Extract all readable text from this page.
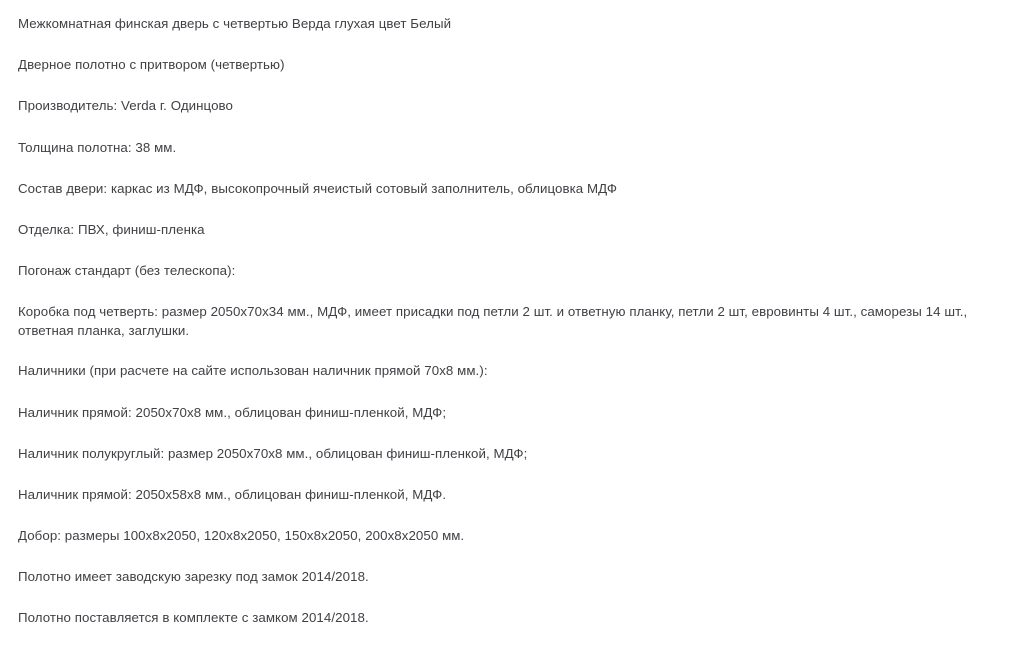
Межкомнатная финская дверь с четвертью Верда глухая цвет Белый

Дверное полотно с притвором (четвертью)

Производитель: Verda г. Одинцово

Толщина полотна: 38 мм.

Состав двери: каркас из МДФ, высокопрочный ячеистый сотовый заполнитель, облицовка МДФ

Отделка: ПВХ, финиш-пленка

Погонаж стандарт (без телескопа):

Коробка под четверть: размер 2050х70х34 мм., МДФ, имеет присадки под петли 2 шт. и ответную планку, петли 2 шт, евровинты 4 шт., саморезы 14 шт., ответная планка, заглушки.

Наличники (при расчете на сайте использован наличник прямой 70х8 мм.):

Наличник прямой: 2050х70х8 мм., облицован финиш-пленкой, МДФ;

Наличник полукруглый: размер 2050х70х8 мм., облицован финиш-пленкой, МДФ;

Наличник прямой: 2050х58х8 мм., облицован финиш-пленкой, МДФ.

Добор: размеры 100х8х2050, 120х8х2050, 150х8х2050, 200х8х2050 мм.

Полотно имеет заводскую зарезку под замок 2014/2018.

Полотно поставляется в комплекте с замком 2014/2018.
